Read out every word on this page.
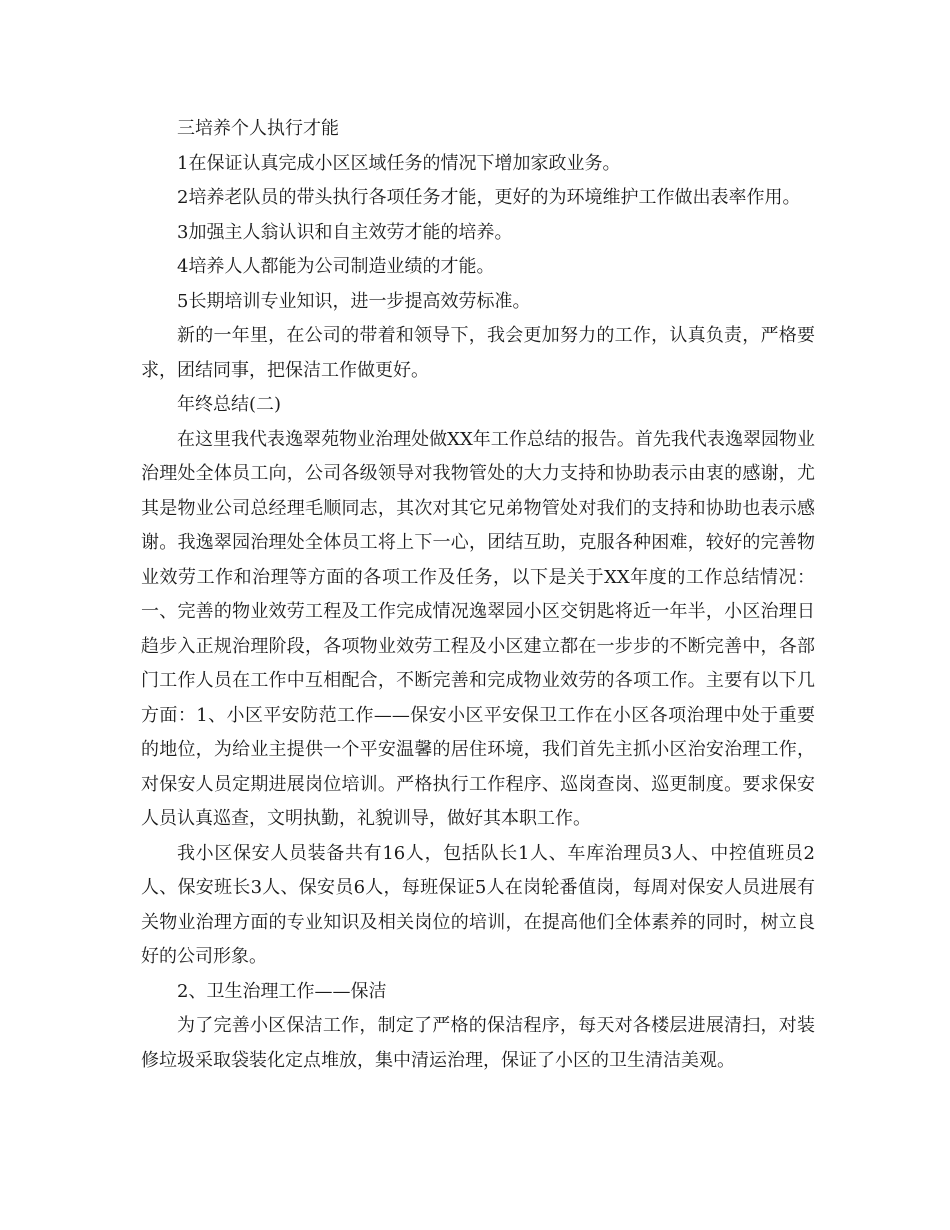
三培养个人执行才能

1在保证认真完成小区区域任务的情况下增加家政业务。

2培养老队员的带头执行各项任务才能，更好的为环境维护工作做出表率作用。

3加强主人翁认识和自主效劳才能的培养。

4培养人人都能为公司制造业绩的才能。

5长期培训专业知识，进一步提高效劳标准。

新的一年里，在公司的带着和领导下，我会更加努力的工作，认真负责，严格要求，团结同事，把保洁工作做更好。

年终总结(二)

在这里我代表逸翠苑物业治理处做XX年工作总结的报告。首先我代表逸翠园物业治理处全体员工向，公司各级领导对我物管处的大力支持和协助表示由衷的感谢，尤其是物业公司总经理毛顺同志，其次对其它兄弟物管处对我们的支持和协助也表示感谢。我逸翠园治理处全体员工将上下一心，团结互助，克服各种困难，较好的完善物业效劳工作和治理等方面的各项工作及任务，以下是关于XX年度的工作总结情况：一、完善的物业效劳工程及工作完成情况逸翠园小区交钥匙将近一年半，小区治理日趋步入正规治理阶段，各项物业效劳工程及小区建立都在一步步的不断完善中，各部门工作人员在工作中互相配合，不断完善和完成物业效劳的各项工作。主要有以下几方面：1、小区平安防范工作——保安小区平安保卫工作在小区各项治理中处于重要的地位，为给业主提供一个平安温馨的居住环境，我们首先主抓小区治安治理工作，对保安人员定期进展岗位培训。严格执行工作程序、巡岗查岗、巡更制度。要求保安人员认真巡查，文明执勤，礼貌训导，做好其本职工作。

我小区保安人员装备共有16人，包括队长1人、车库治理员3人、中控值班员2人、保安班长3人、保安员6人，每班保证5人在岗轮番值岗，每周对保安人员进展有关物业治理方面的专业知识及相关岗位的培训，在提高他们全体素养的同时，树立良好的公司形象。

2、卫生治理工作——保洁

为了完善小区保洁工作，制定了严格的保洁程序，每天对各楼层进展清扫，对装修垃圾采取袋装化定点堆放，集中清运治理，保证了小区的卫生清洁美观。
